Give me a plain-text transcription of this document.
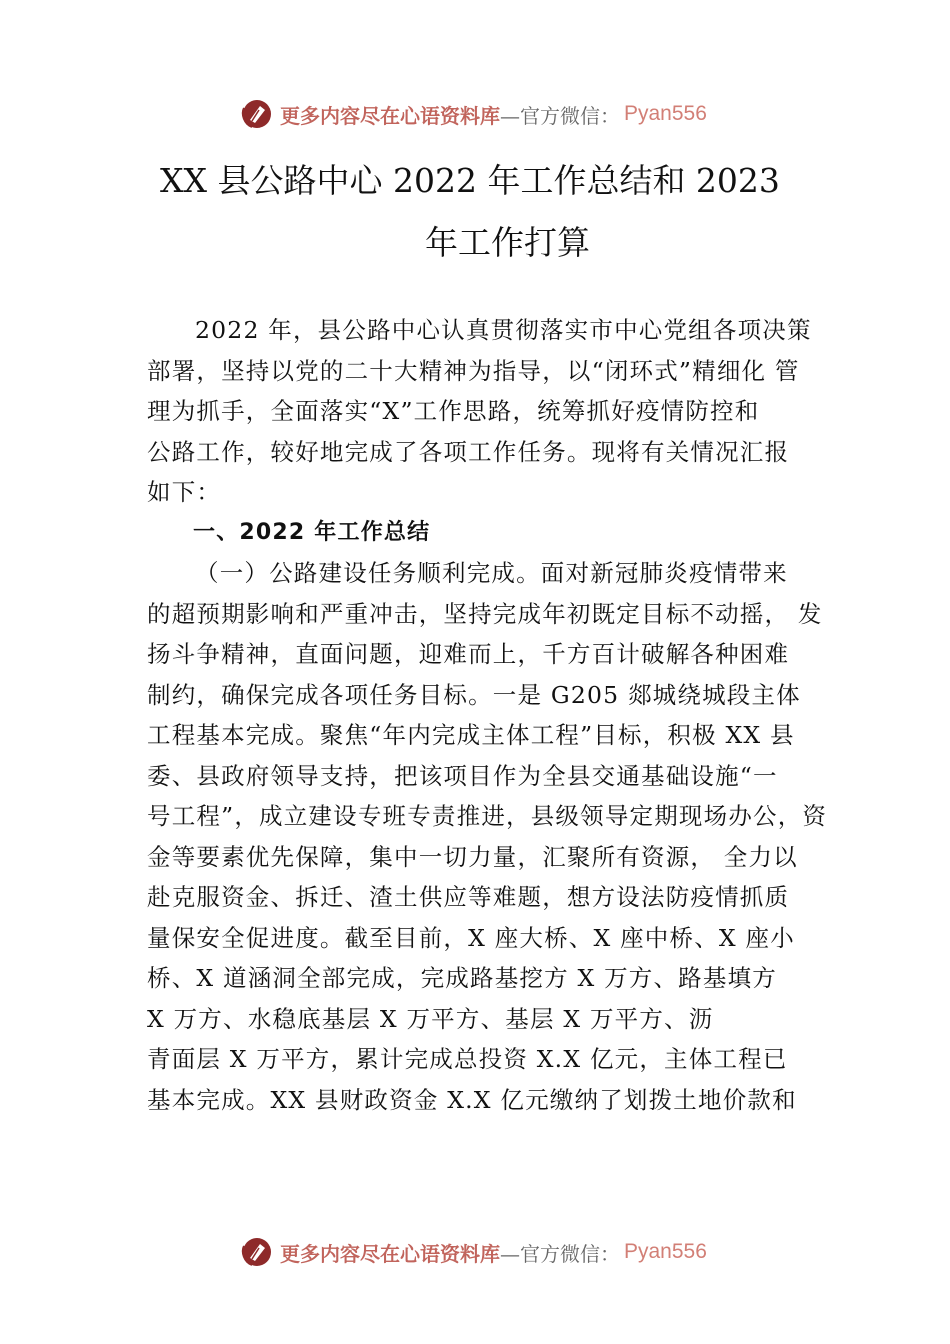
更多内容尽在心语资料库 —官方微信： Pyan556
XX 县公路中心 2022 年工作总结和 2023
年工作打算
2022 年，县公路中心认真贯彻落实市中心党组各项决策
部署，坚持以党的二十大精神为指导，以“闭环式”精细化 管
理为抓手，全面落实“X”工作思路，统筹抓好疫情防控和
公路工作，较好地完成了各项工作任务。现将有关情况汇报
如下：
一、2022 年工作总结
（一）公路建设任务顺利完成。面对新冠肺炎疫情带来
的超预期影响和严重冲击，坚持完成年初既定目标不动摇， 发
扬斗争精神，直面问题，迎难而上，千方百计破解各种困难
制约，确保完成各项任务目标。一是 G205 郯城绕城段主体
工程基本完成。聚焦“年内完成主体工程”目标，积极 XX 县
委、县政府领导支持，把该项目作为全县交通基础设施“一
号工程”，成立建设专班专责推进，县级领导定期现场办公，资
金等要素优先保障，集中一切力量，汇聚所有资源， 全力以
赴克服资金、拆迁、渣土供应等难题，想方设法防疫情抓质
量保安全促进度。截至目前，X 座大桥、X 座中桥、X 座小
桥、X 道涵洞全部完成，完成路基挖方 X 万方、路基填方
X 万方、水稳底基层 X 万平方、基层 X 万平方、沥
青面层 X 万平方，累计完成总投资 X.X 亿元，主体工程已
基本完成。XX 县财政资金 X.X 亿元缴纳了划拨土地价款和
更多内容尽在心语资料库 —官方微信： Pyan556
